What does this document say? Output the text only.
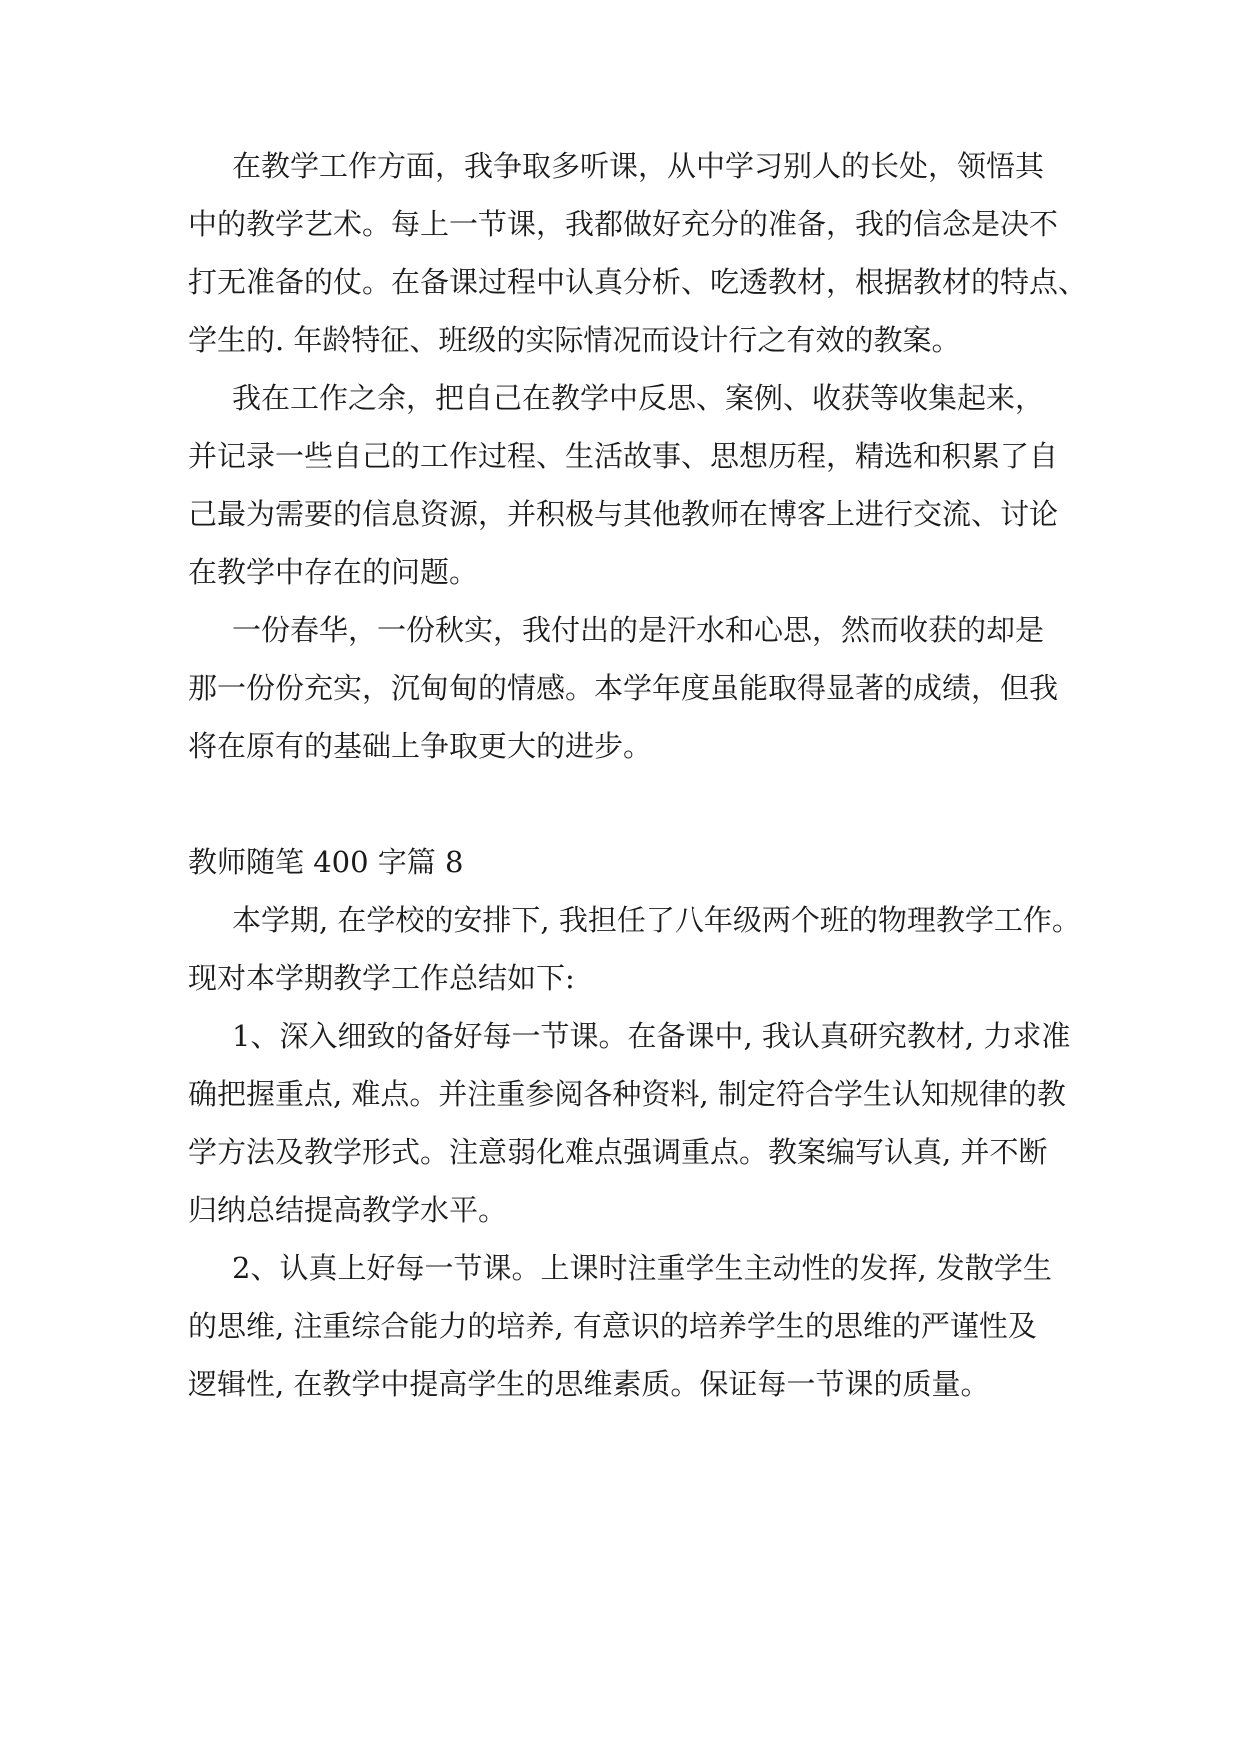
在教学工作方面，我争取多听课，从中学习别人的长处，领悟其

中的教学艺术。每上一节课，我都做好充分的准备，我的信念是决不

打无准备的仗。在备课过程中认真分析、吃透教材，根据教材的特点、

学生的. 年龄特征、班级的实际情况而设计行之有效的教案。

我在工作之余，把自己在教学中反思、案例、收获等收集起来，

并记录一些自己的工作过程、生活故事、思想历程，精选和积累了自

己最为需要的信息资源，并积极与其他教师在博客上进行交流、讨论

在教学中存在的问题。

一份春华，一份秋实，我付出的是汗水和心思，然而收获的却是

那一份份充实，沉甸甸的情感。本学年度虽能取得显著的成绩，但我

将在原有的基础上争取更大的进步。

教师随笔 400 字篇 8

本学期, 在学校的安排下, 我担任了八年级两个班的物理教学工作。

现对本学期教学工作总结如下:

1、深入细致的备好每一节课。在备课中, 我认真研究教材, 力求准

确把握重点, 难点。并注重参阅各种资料, 制定符合学生认知规律的教

学方法及教学形式。注意弱化难点强调重点。教案编写认真, 并不断

归纳总结提高教学水平。

2、认真上好每一节课。上课时注重学生主动性的发挥, 发散学生

的思维, 注重综合能力的培养, 有意识的培养学生的思维的严谨性及

逻辑性, 在教学中提高学生的思维素质。保证每一节课的质量。
